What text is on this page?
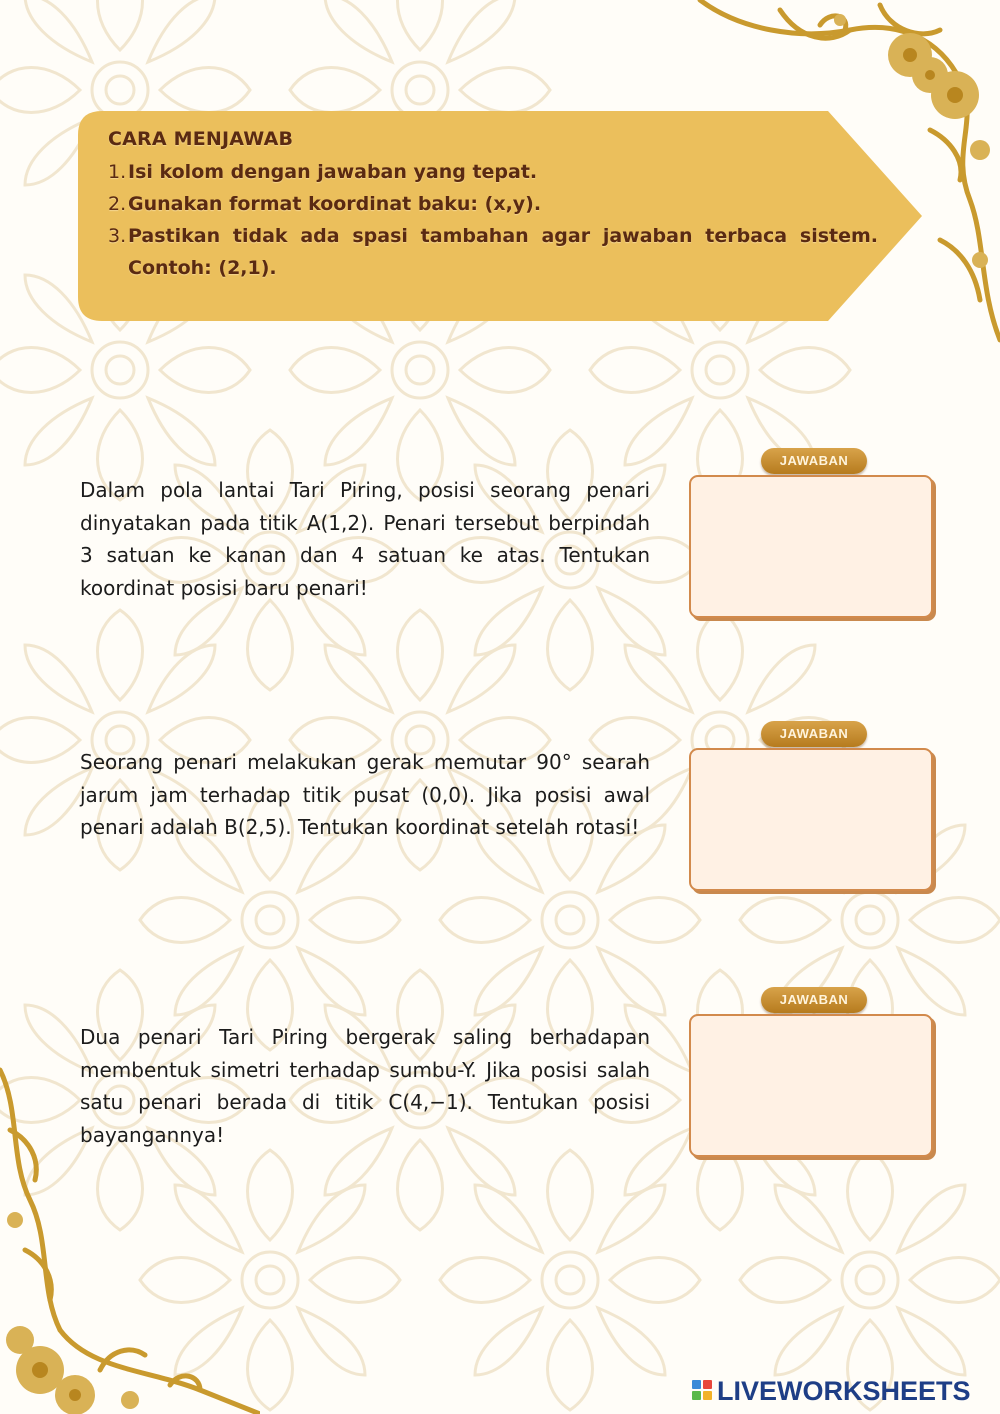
CARA MENJAWAB
1. Isi kolom dengan jawaban yang tepat.
2. Gunakan format koordinat baku: (x,y).
3. Pastikan tidak ada spasi tambahan agar jawaban terbaca sistem. Contoh: (2,1).
Dalam pola lantai Tari Piring, posisi seorang penari dinyatakan pada titik A(1,2). Penari tersebut berpindah 3 satuan ke kanan dan 4 satuan ke atas. Tentukan koordinat posisi baru penari!
JAWABAN
Seorang penari melakukan gerak memutar 90° searah jarum jam terhadap titik pusat (0,0). Jika posisi awal penari adalah B(2,5). Tentukan koordinat setelah rotasi!
JAWABAN
Dua penari Tari Piring bergerak saling berhadapan membentuk simetri terhadap sumbu-Y. Jika posisi salah satu penari berada di titik C(4,−1). Tentukan posisi bayangannya!
JAWABAN
LIVEWORKSHEETS
